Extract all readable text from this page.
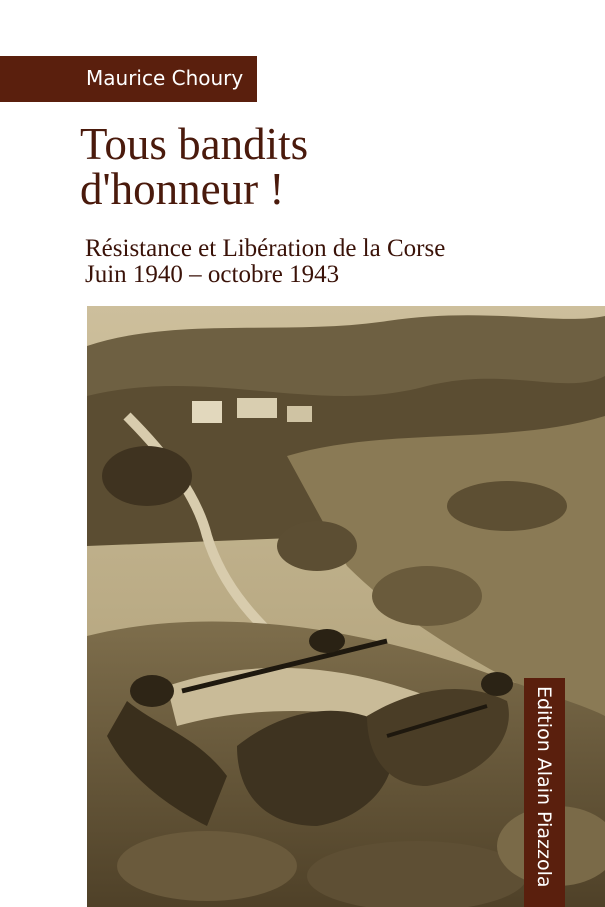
Maurice Choury
Tous bandits
d'honneur !
Résistance et Libération de la Corse
Juin 1940 – octobre 1943
Edition Alain Piazzola
